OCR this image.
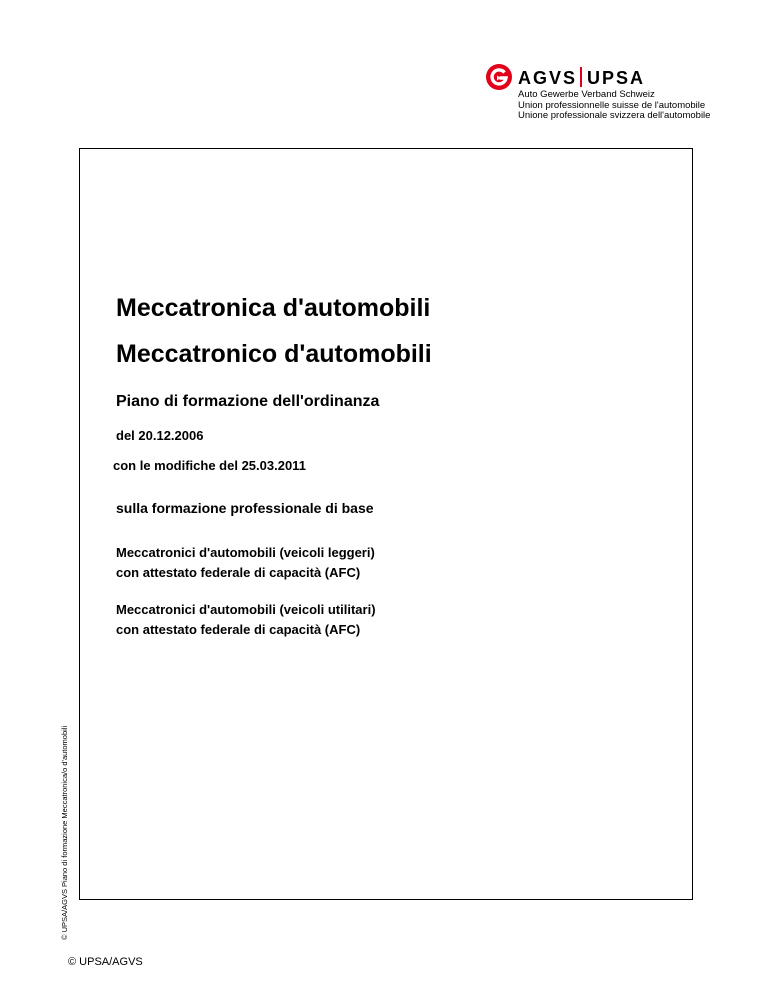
AGVS UPSA
Auto Gewerbe Verband Schweiz
Union professionnelle suisse de l'automobile
Unione professionale svizzera dell'automobile
Meccatronica d'automobili
Meccatronico d'automobili
Piano di formazione dell'ordinanza
del 20.12.2006
con le modifiche del 25.03.2011
sulla formazione professionale di base
Meccatronici d'automobili (veicoli leggeri)
con attestato federale di capacità (AFC)
Meccatronici d'automobili (veicoli utilitari)
con attestato federale di capacità (AFC)
© UPSA/AGVS Piano di formazione Meccatronica/o d'automobili
© UPSA/AGVS
